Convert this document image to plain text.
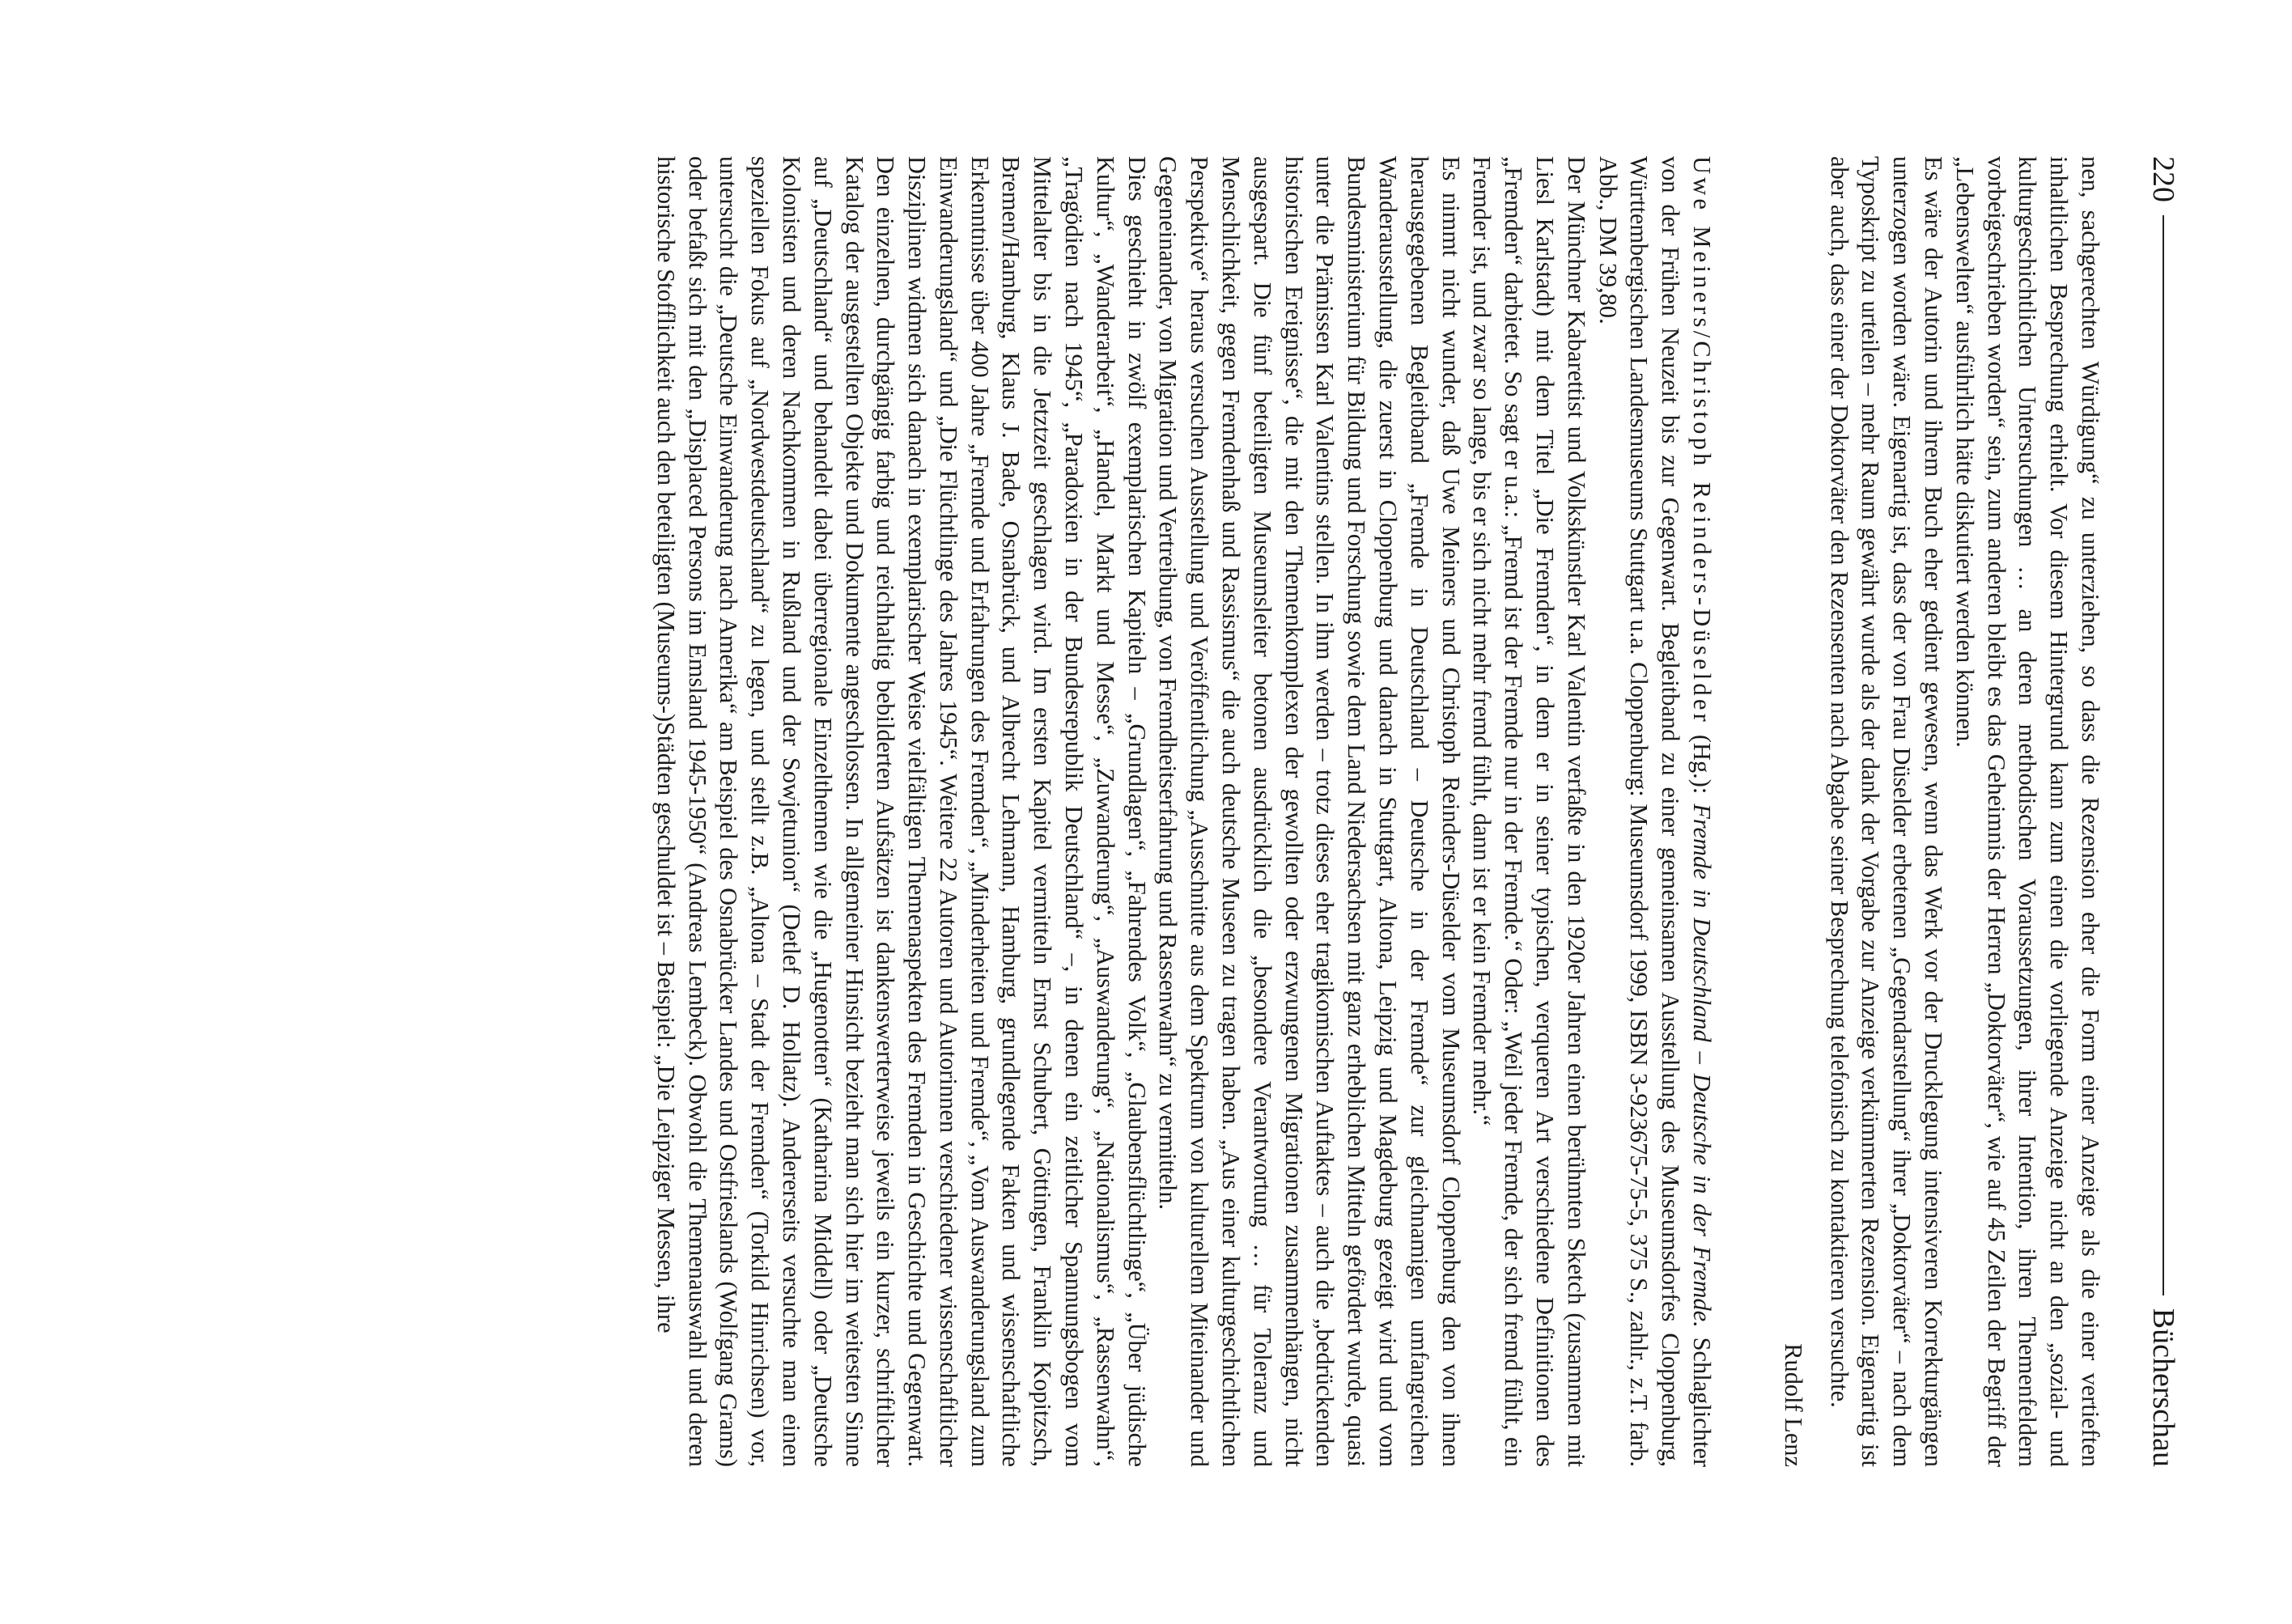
220
Bücherschau

nen, sachgerechten Würdigung“ zu unterziehen, so dass die Rezension eher die Form einer Anzeige als die einer vertieften inhaltlichen Besprechung erhielt. Vor diesem Hintergrund kann zum einen die vorliegende Anzeige nicht an den „sozial- und kulturgeschichtlichen Untersuchungen … an deren methodischen Voraussetzungen, ihrer Intention, ihren Themenfeldern vorbeigeschrieben worden“ sein, zum anderen bleibt es das Geheimnis der Herren „Doktorväter“, wie auf 45 Zeilen der Begriff der „Lebenswelten“ ausführlich hätte diskutiert werden können.

Es wäre der Autorin und ihrem Buch eher gedient gewesen, wenn das Werk vor der Drucklegung intensiveren Korrekturgängen unterzogen worden wäre. Eigenartig ist, dass der von Frau Düselder erbetenen „Gegendarstellung“ ihrer „Doktorväter“ – nach dem Typoskript zu urteilen – mehr Raum gewährt wurde als der dank der Vorgabe zur Anzeige verkümmerten Rezension. Eigenartig ist aber auch, dass einer der Doktorväter den Rezensenten nach Abgabe seiner Besprechung telefonisch zu kontaktieren versuchte.

Rudolf Lenz

Uwe Meiners/Christoph Reinders-Düselder (Hg.): Fremde in Deutschland – Deutsche in der Fremde. Schlaglichter von der Frühen Neuzeit bis zur Gegenwart. Begleitband zu einer gemeinsamen Ausstellung des Museumsdorfes Cloppenburg, Württembergischen Landesmuseums Stuttgart u.a. Cloppenburg: Museumsdorf 1999, ISBN 3-923675-75-5, 375 S., zahlr., z.T. farb. Abb., DM 39,80.

Der Münchner Kabarettist und Volkskünstler Karl Valentin verfaßte in den 1920er Jahren einen berühmten Sketch (zusammen mit Liesl Karlstadt) mit dem Titel „Die Fremden“, in dem er in seiner typischen, verqueren Art verschiedene Definitionen des „Fremden“ darbietet. So sagt er u.a.: „Fremd ist der Fremde nur in der Fremde.“ Oder: „Weil jeder Fremde, der sich fremd fühlt, ein Fremder ist, und zwar so lange, bis er sich nicht mehr fremd fühlt, dann ist er kein Fremder mehr.“

Es nimmt nicht wunder, daß Uwe Meiners und Christoph Reinders-Düselder vom Museumsdorf Cloppenburg den von ihnen herausgegebenen Begleitband „Fremde in Deutschland – Deutsche in der Fremde“ zur gleichnamigen umfangreichen Wanderausstellung, die zuerst in Cloppenburg und danach in Stuttgart, Altona, Leipzig und Magdeburg gezeigt wird und vom Bundesministerium für Bildung und Forschung sowie dem Land Niedersachsen mit ganz erheblichen Mitteln gefördert wurde, quasi unter die Prämissen Karl Valentins stellen. In ihm werden – trotz dieses eher tragikomischen Auftaktes – auch die „bedrückenden historischen Ereignisse“, die mit den Themenkomplexen der gewollten oder erzwungenen Migrationen zusammenhängen, nicht ausgespart. Die fünf beteiligten Museumsleiter betonen ausdrücklich die „besondere Verantwortung … für Toleranz und Menschlichkeit, gegen Fremdenhaß und Rassismus“ die auch deutsche Museen zu tragen haben. „Aus einer kulturgeschichtlichen Perspektive“ heraus versuchen Ausstellung und Veröffentlichung „Ausschnitte aus dem Spektrum von kulturellem Miteinander und Gegeneinander, von Migration und Vertreibung, von Fremdheitserfahrung und Rassenwahn“ zu vermitteln.

Dies geschieht in zwölf exemplarischen Kapiteln – „Grundlagen“, „Fahrendes Volk“, „Glaubensflüchtlinge“, „Über jüdische Kultur“, „Wanderarbeit“, „Handel, Markt und Messe“, „Zuwanderung“, „Auswanderung“, „Nationalismus“, „Rassenwahn“, „Tragödien nach 1945“, „Paradoxien in der Bundesrepublik Deutschland“ –, in denen ein zeitlicher Spannungsbogen vom Mittelalter bis in die Jetztzeit geschlagen wird. Im ersten Kapitel vermitteln Ernst Schubert, Göttingen, Franklin Kopitzsch, Bremen/Hamburg, Klaus J. Bade, Osnabrück, und Albrecht Lehmann, Hamburg, grundlegende Fakten und wissenschaftliche Erkenntnisse über 400 Jahre „Fremde und Erfahrungen des Fremden“, „Minderheiten und Fremde“, „Vom Auswanderungsland zum Einwanderungsland“ und „Die Flüchtlinge des Jahres 1945“. Weitere 22 Autoren und Autorinnen verschiedener wissenschaftlicher Disziplinen widmen sich danach in exemplarischer Weise vielfältigen Themenaspekten des Fremden in Geschichte und Gegenwart. Den einzelnen, durchgängig farbig und reichhaltig bebilderten Aufsätzen ist dankenswerterweise jeweils ein kurzer, schriftlicher Katalog der ausgestellten Objekte und Dokumente angeschlossen. In allgemeiner Hinsicht bezieht man sich hier im weitesten Sinne auf „Deutschland“ und behandelt dabei überregionale Einzelthemen wie die „Hugenotten“ (Katharina Middell) oder „Deutsche Kolonisten und deren Nachkommen in Rußland und der Sowjetunion“ (Detlef D. Hollatz). Andererseits versuchte man einen speziellen Fokus auf „Nordwestdeutschland“ zu legen, und stellt z.B. „Altona – Stadt der Fremden“ (Torkild Hinrichsen) vor, untersucht die „Deutsche Einwanderung nach Amerika“ am Beispiel des Osnabrücker Landes und Ostfrieslands (Wolfgang Grams) oder befaßt sich mit den „Displaced Persons im Emsland 1945-1950“ (Andreas Lembeck). Obwohl die Themenauswahl und deren historische Stofflichkeit auch den beteiligten (Museums-)Städten geschuldet ist – Beispiel: „Die Leipziger Messen, ihre
